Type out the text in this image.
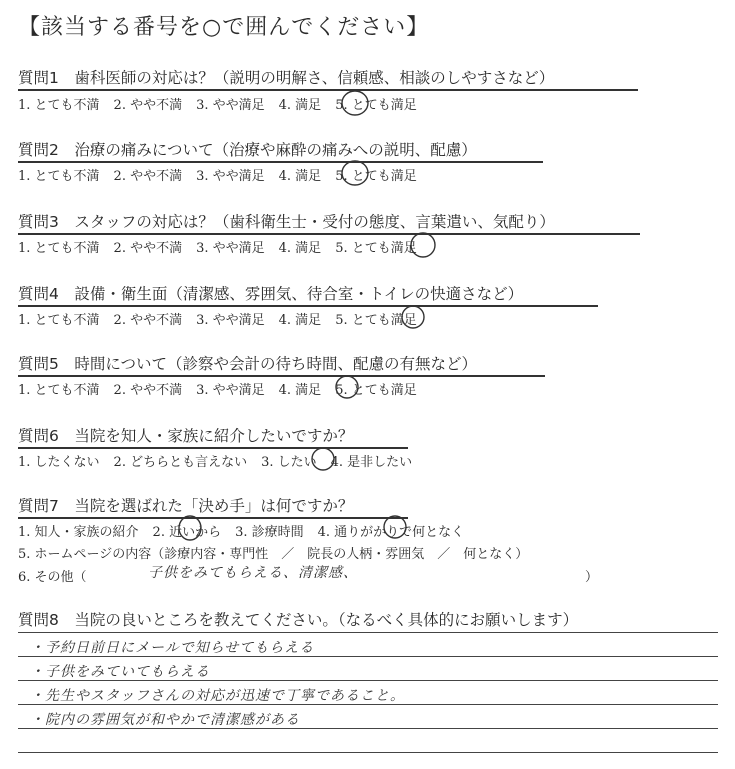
【該当する番号を○で囲んでください】
質問1　歯科医師の対応は？（説明の明解さ、信頼感、相談のしやすさなど）
1. とても不満 2. やや不満 3. やや満足 4. 満足 5. とても満足
質問2　治療の痛みについて（治療や麻酔の痛みへの説明、配慮）
1. とても不満 2. やや不満 3. やや満足 4. 満足 5. とても満足
質問3　スタッフの対応は？（歯科衛生士・受付の態度、言葉遣い、気配り）
1. とても不満 2. やや不満 3. やや満足 4. 満足 5. とても満足
質問4　設備・衛生面（清潔感、雰囲気、待合室・トイレの快適さなど）
1. とても不満 2. やや不満 3. やや満足 4. 満足 5. とても満足
質問5　時間について（診察や会計の待ち時間、配慮の有無など）
1. とても不満 2. やや不満 3. やや満足 4. 満足 5. とても満足
質問6　当院を知人・家族に紹介したいですか？
1. したくない 2. どちらとも言えない 3. したい 4. 是非したい
質問7　当院を選ばれた「決め手」は何ですか？
1. 知人・家族の紹介 2. 近いから 3. 診療時間 4. 通りがかりで何となく
5. ホームページの内容（診療内容・専門性　／　院長の人柄・雰囲気　／　何となく）
6. その他（	子供をみてもらえる、清潔感、	）
質問8　当院の良いところを教えてください。（なるべく具体的にお願いします）
・予約日前日にメールで知らせてもらえる
・子供をみていてもらえる
・先生やスタッフさんの対応が迅速で丁寧であること。
・院内の雰囲気が和やかで清潔感がある
